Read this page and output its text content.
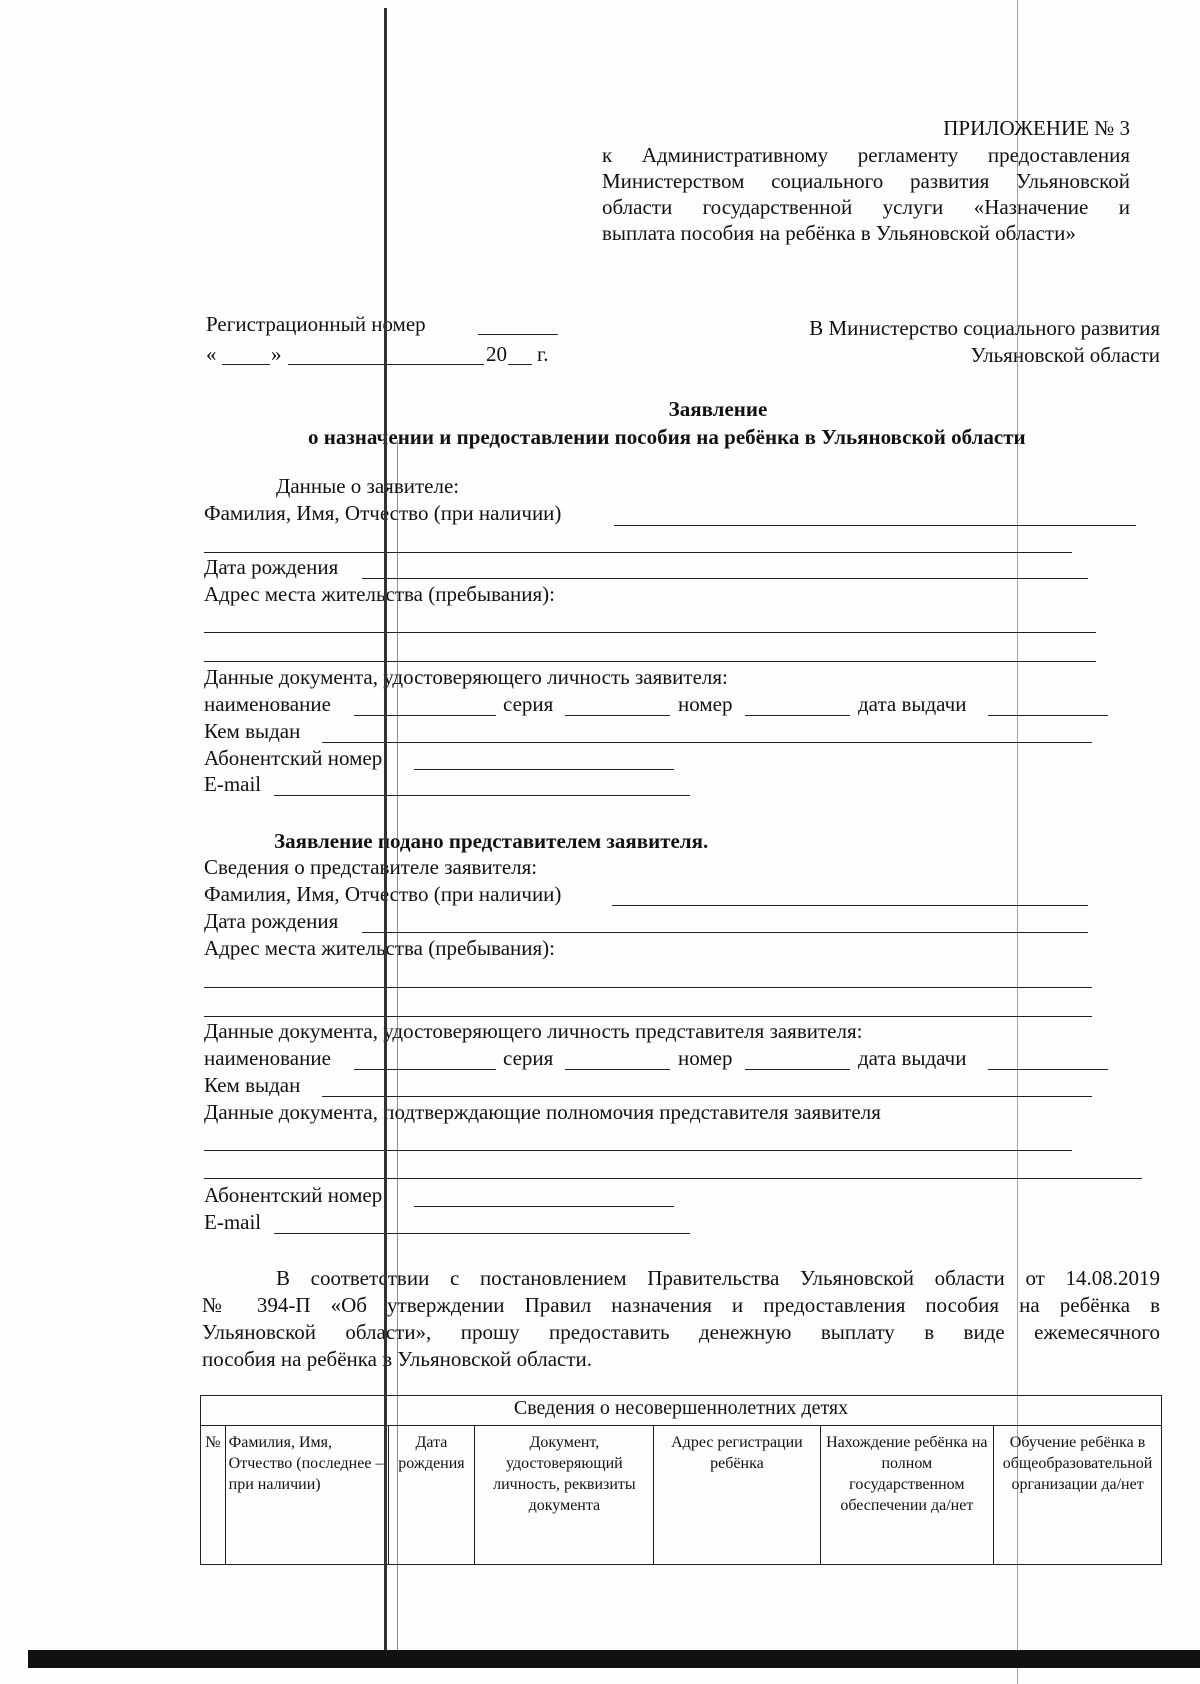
ПРИЛОЖЕНИЕ № 3
к Административному регламенту предоставления
Министерством социального развития Ульяновской
области государственной услуги «Назначение и
выплата пособия на ребёнка в Ульяновской области»
Регистрационный номер
«	»	20 г.
В Министерство социального развития
Ульяновской области
Заявление
о назначении и предоставлении пособия на ребёнка в Ульяновской области
Данные о заявителе:
Фамилия, Имя, Отчество (при наличии)
Дата рождения
Адрес места жительства (пребывания):
Данные документа, удостоверяющего личность заявителя:
наименование	серия	номер	дата выдачи
Кем выдан
Абонентский номер
E-mail
Заявление подано представителем заявителя.
Сведения о представителе заявителя:
Фамилия, Имя, Отчество (при наличии)
Дата рождения
Адрес места жительства (пребывания):
Данные документа, удостоверяющего личность представителя заявителя:
наименование	серия	номер	дата выдачи
Кем выдан
Данные документа, подтверждающие полномочия представителя заявителя
Абонентский номер
E-mail
В соответствии с постановлением Правительства Ульяновской области от 14.08.2019
№ 394-П «Об утверждении Правил назначения и предоставления пособия на ребёнка в
Ульяновской области», прошу предоставить денежную выплату в виде ежемесячного
пособия на ребёнка в Ульяновской области.
Сведения о несовершеннолетних детях
№	Фамилия, Имя, Отчество (последнее – при наличии)	Дата рождения	Документ, удостоверяющий личность, реквизиты документа	Адрес регистрации ребёнка	Нахождение ребёнка на полном государственном обеспечении да/нет	Обучение ребёнка в общеобразовательной организации да/нет
